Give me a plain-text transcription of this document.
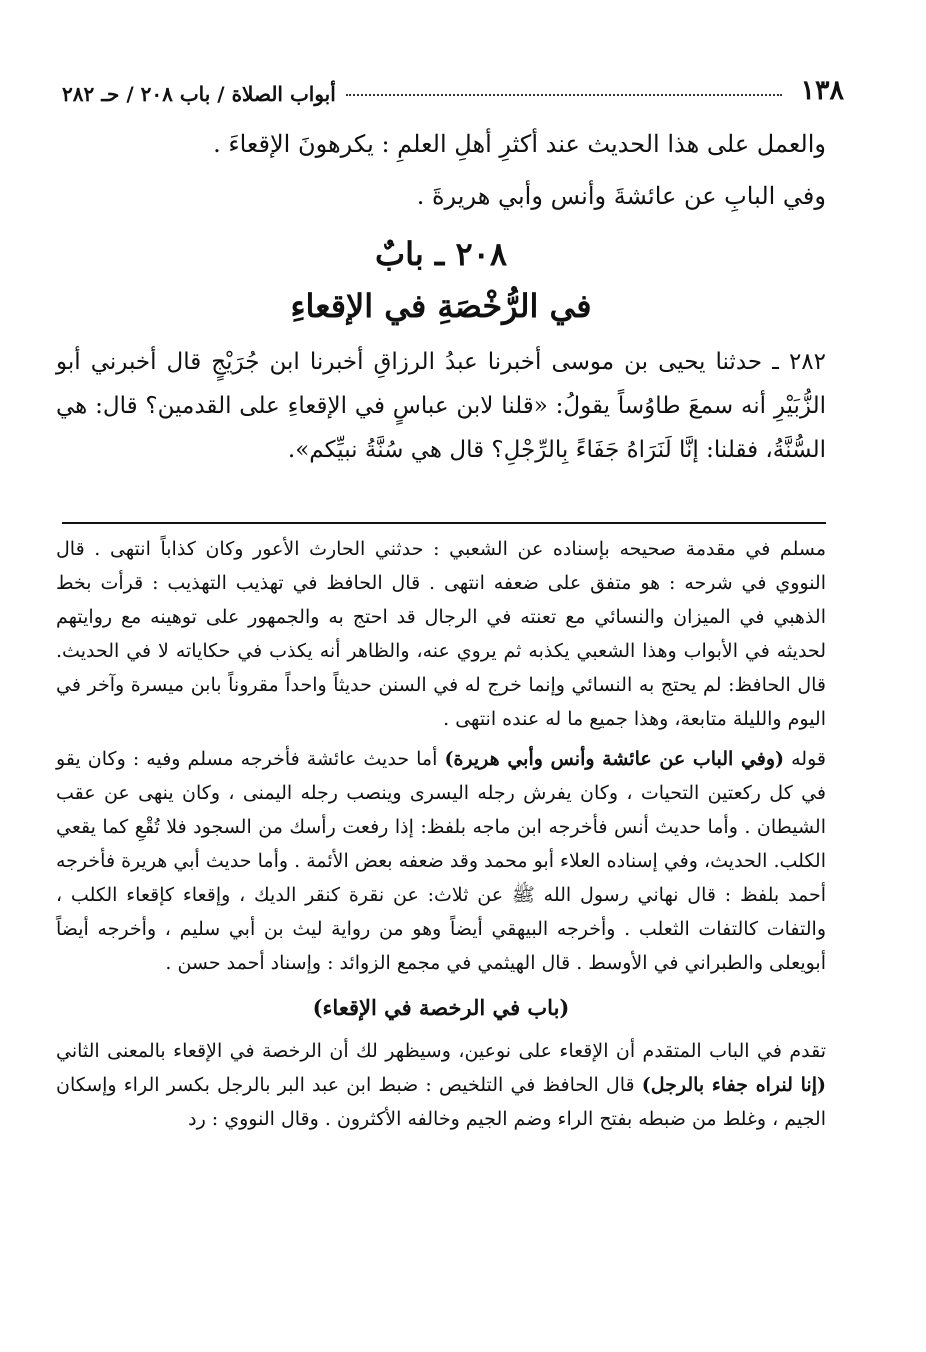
١٣٨
أبواب الصلاة / باب ٢٠٨ / حـ ٢٨٢

والعمل على هذا الحديث عند أكثرِ أهلِ العلمِ : يكرهونَ الإقعاءَ .

وفي البابِ عن عائشةَ وأنس وأبي هريرةَ .

٢٠٨ ـ بابٌ
في الرُّخْصَةِ في الإقعاءِ

٢٨٢ ـ حدثنا يحيى بن موسى أخبرنا عبدُ الرزاقِ أخبرنا ابن جُرَيْجٍ قال أخبرني أبو الزُّبَيْرِ أنه سمعَ طاوُساً يقولُ: «قلنا لابن عباسٍ في الإقعاءِ على القدمين؟ قال: هي السُّنَّةُ، فقلنا: إنَّا لَنَرَاهُ جَفَاءً بِالرِّجْلِ؟ قال هي سُنَّةُ نبيِّكم».

مسلم في مقدمة صحيحه بإسناده عن الشعبي : حدثني الحارث الأعور وكان كذاباً انتهى . قال النووي في شرحه : هو متفق على ضعفه انتهى . قال الحافظ في تهذيب التهذيب : قرأت بخط الذهبي في الميزان والنسائي مع تعنته في الرجال قد احتج به والجمهور على توهينه مع روايتهم لحديثه في الأبواب وهذا الشعبي يكذبه ثم يروي عنه، والظاهر أنه يكذب في حكاياته لا في الحديث. قال الحافظ: لم يحتج به النسائي وإنما خرج له في السنن حديثاً واحداً مقروناً بابن ميسرة وآخر في اليوم والليلة متابعة، وهذا جميع ما له عنده انتهى .

قوله (وفي الباب عن عائشة وأنس وأبي هريرة) أما حديث عائشة فأخرجه مسلم وفيه : وكان يقو في كل ركعتين التحيات ، وكان يفرش رجله اليسرى وينصب رجله اليمنى ، وكان ينهى عن عقب الشيطان . وأما حديث أنس فأخرجه ابن ماجه بلفظ: إذا رفعت رأسك من السجود فلا تُقْعِ كما يقعي الكلب. الحديث، وفي إسناده العلاء أبو محمد وقد ضعفه بعض الأئمة . وأما حديث أبي هريرة فأخرجه أحمد بلفظ : قال نهاني رسول الله ﷺ عن ثلاث: عن نقرة كنقر الديك ، وإقعاء كإقعاء الكلب ، والتفات كالتفات الثعلب . وأخرجه البيهقي أيضاً وهو من رواية ليث بن أبي سليم ، وأخرجه أيضاً أبويعلى والطبراني في الأوسط . قال الهيثمي في مجمع الزوائد : وإسناد أحمد حسن .

(باب في الرخصة في الإقعاء)

تقدم في الباب المتقدم أن الإقعاء على نوعين، وسيظهر لك أن الرخصة في الإقعاء بالمعنى الثاني (إنا لنراه جفاء بالرجل) قال الحافظ في التلخيص : ضبط ابن عبد البر بالرجل بكسر الراء وإسكان الجيم ، وغلط من ضبطه بفتح الراء وضم الجيم وخالفه الأكثرون . وقال النووي : رد
